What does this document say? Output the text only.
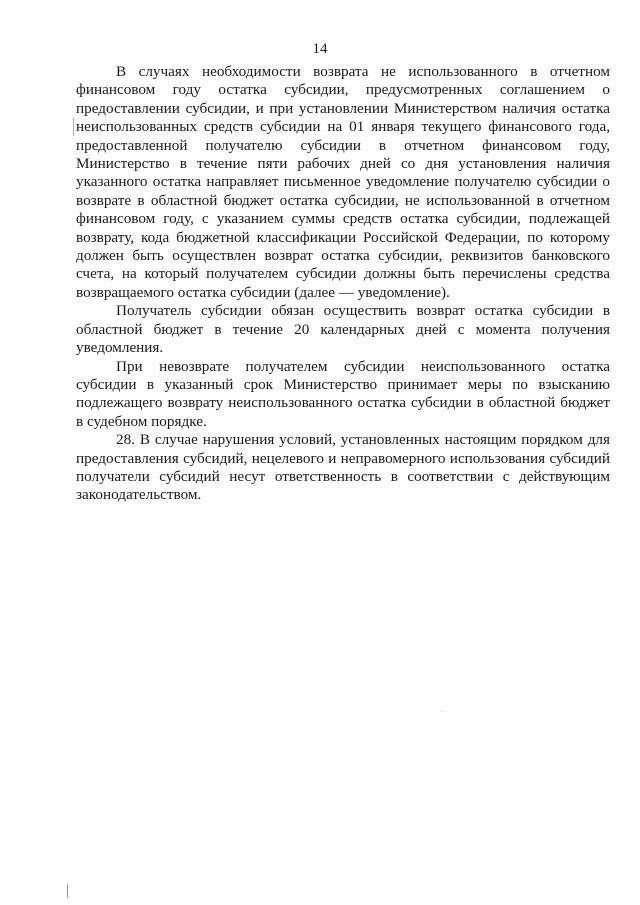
14

В случаях необходимости возврата не использованного в отчетном финансовом году остатка субсидии, предусмотренных соглашением о предоставлении субсидии, и при установлении Министерством наличия остатка неиспользованных средств субсидии на 01 января текущего финансового года, предоставленной получателю субсидии в отчетном финансовом году, Министерство в течение пяти рабочих дней со дня установления наличия указанного остатка направляет письменное уведомление получателю субсидии о возврате в областной бюджет остатка субсидии, не использованной в отчетном финансовом году, с указанием суммы средств остатка субсидии, подлежащей возврату, кода бюджетной классификации Российской Федерации, по которому должен быть осуществлен возврат остатка субсидии, реквизитов банковского счета, на который получателем субсидии должны быть перечислены средства возвращаемого остатка субсидии (далее — уведомление).

Получатель субсидии обязан осуществить возврат остатка субсидии в областной бюджет в течение 20 календарных дней с момента получения уведомления.

При невозврате получателем субсидии неиспользованного остатка субсидии в указанный срок Министерство принимает меры по взысканию подлежащего возврату неиспользованного остатка субсидии в областной бюджет в судебном порядке.

28. В случае нарушения условий, установленных настоящим порядком для предоставления субсидий, нецелевого и неправомерного использования субсидий получатели субсидий несут ответственность в соответствии с действующим законодательством.
